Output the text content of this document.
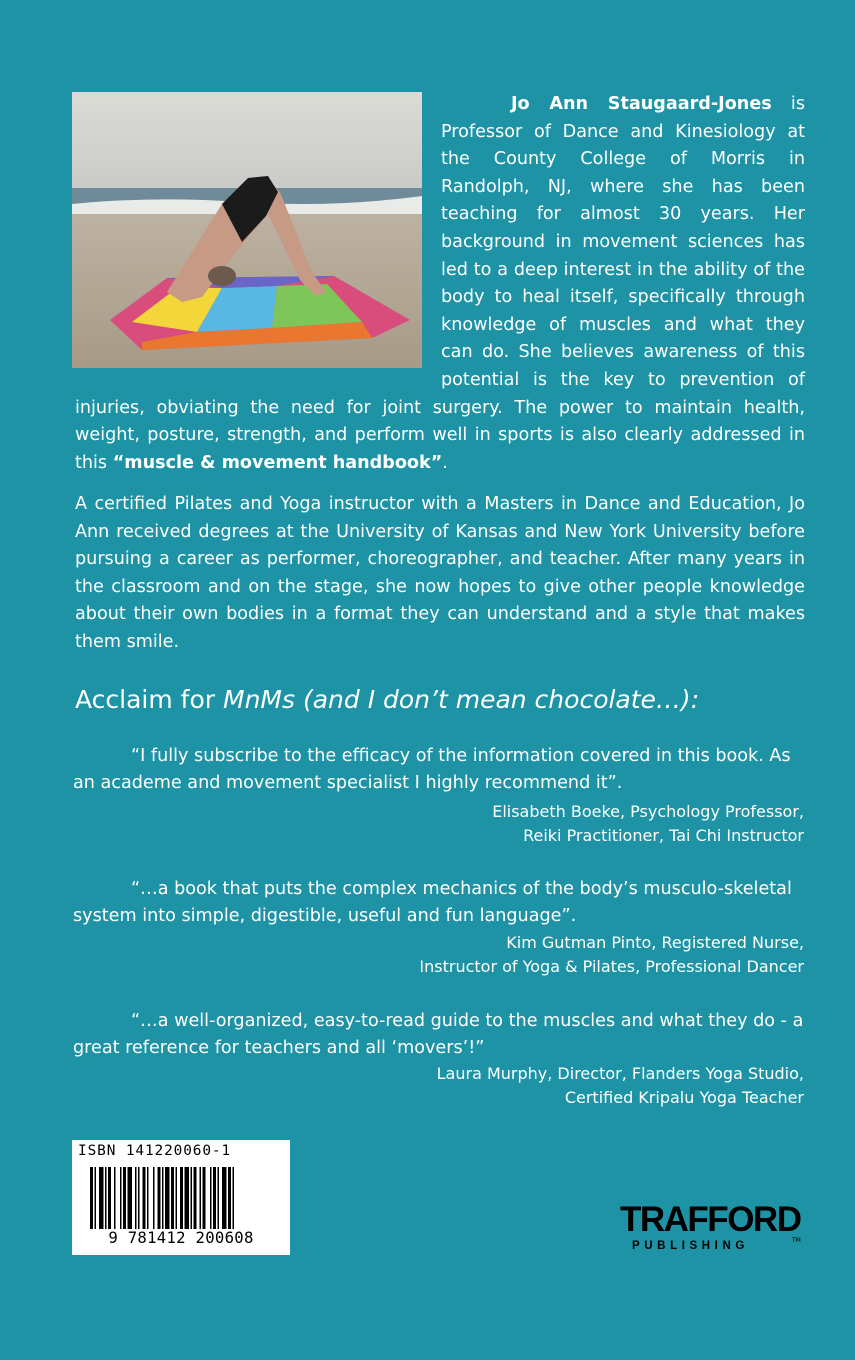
Jo Ann Staugaard-Jones is Professor of Dance and Kinesiology at the County College of Morris in Randolph, NJ, where she has been teaching for almost 30 years. Her background in movement sciences has led to a deep interest in the ability of the body to heal itself, specifically through knowledge of muscles and what they can do. She believes awareness of this potential is the key to prevention of injuries, obviating the need for joint surgery. The power to maintain health, weight, posture, strength, and perform well in sports is also clearly addressed in this “muscle & movement handbook”.

A certified Pilates and Yoga instructor with a Masters in Dance and Education, Jo Ann received degrees at the University of Kansas and New York University before pursuing a career as performer, choreographer, and teacher. After many years in the classroom and on the stage, she now hopes to give other people knowledge about their own bodies in a format they can understand and a style that makes them smile.

Acclaim for MnMs (and I don’t mean chocolate…):

“I fully subscribe to the efficacy of the information covered in this book. As an academe and movement specialist I highly recommend it”.

Elisabeth Boeke, Psychology Professor,
Reiki Practitioner, Tai Chi Instructor

“…a book that puts the complex mechanics of the body’s musculo-skeletal system into simple, digestible, useful and fun language”.

Kim Gutman Pinto, Registered Nurse,
Instructor of Yoga & Pilates, Professional Dancer

“…a well-organized, easy-to-read guide to the muscles and what they do - a great reference for teachers and all ‘movers’!”

Laura Murphy, Director, Flanders Yoga Studio,
Certified Kripalu Yoga Teacher

ISBN 141220060-1
9 781412 200608	TRAFFORD
PUBLISHING	TM
